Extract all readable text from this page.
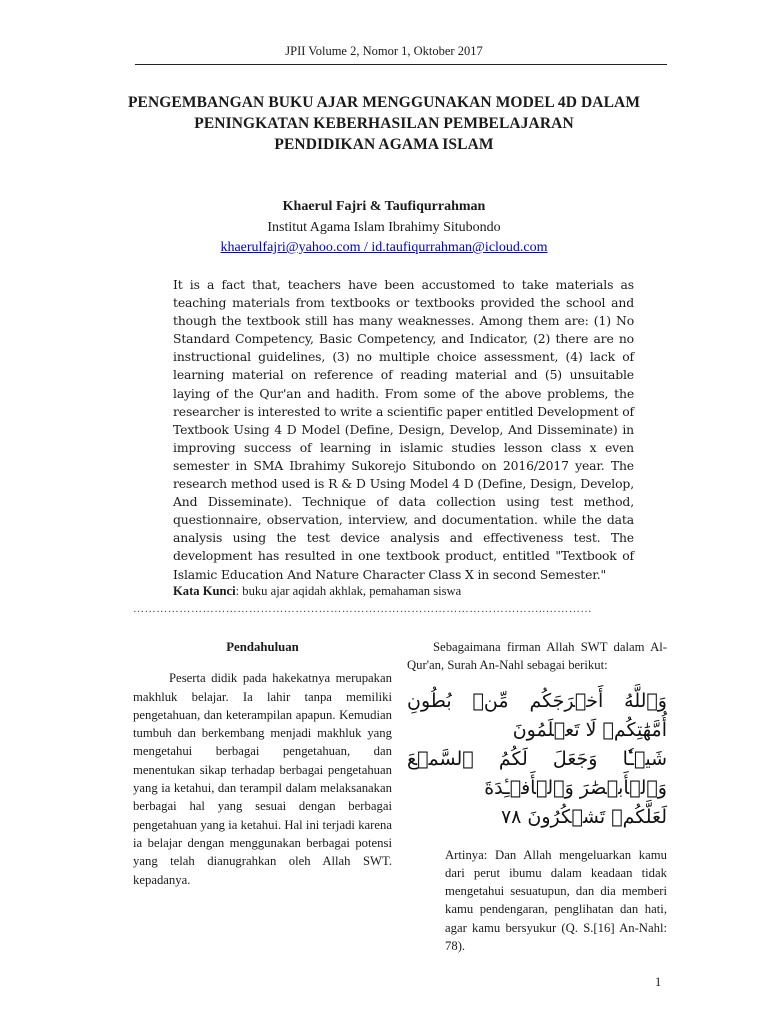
JPII Volume 2, Nomor 1, Oktober 2017
PENGEMBANGAN BUKU AJAR MENGGUNAKAN MODEL 4D DALAM
PENINGKATAN KEBERHASILAN PEMBELAJARAN
PENDIDIKAN AGAMA ISLAM
Khaerul Fajri & Taufiqurrahman
Institut Agama Islam Ibrahimy Situbondo
khaerulfajri@yahoo.com / id.taufiqurrahman@icloud.com
It is a fact that, teachers have been accustomed to take materials as teaching materials from textbooks or textbooks provided the school and though the textbook still has many weaknesses. Among them are: (1) No Standard Competency, Basic Competency, and Indicator, (2) there are no instructional guidelines, (3) no multiple choice assessment, (4) lack of learning material on reference of reading material and (5) unsuitable laying of the Qur'an and hadith. From some of the above problems, the researcher is interested to write a scientific paper entitled Development of Textbook Using 4 D Model (Define, Design, Develop, And Disseminate) in improving success of learning in islamic studies lesson class x even semester in SMA Ibrahimy Sukorejo Situbondo on 2016/2017 year. The research method used is R & D Using Model 4 D (Define, Design, Develop, And Disseminate). Technique of data collection using test method, questionnaire, observation, interview, and documentation. while the data analysis using the test device analysis and effectiveness test. The development has resulted in one textbook product, entitled "Textbook of Islamic Education And Nature Character Class X in second Semester."
Kata Kunci: buku ajar aqidah akhlak, pemahaman siswa
……………………………………………………………………………………………..…………
Pendahuluan

Peserta didik pada hakekatnya merupakan makhluk belajar. Ia lahir tanpa memiliki pengetahuan, dan keterampilan apapun. Kemudian tumbuh dan berkembang menjadi makhluk yang mengetahui berbagai pengetahuan, dan menentukan sikap terhadap berbagai pengetahuan yang ia ketahui, dan terampil dalam melaksanakan berbagai hal yang sesuai dengan berbagai pengetahuan yang ia ketahui. Hal ini terjadi karena ia belajar dengan menggunakan berbagai potensi yang telah dianugrahkan oleh Allah SWT. kepadanya.

Sebagaimana firman Allah SWT dalam Al-Qur'an, Surah An-Nahl sebagai berikut:

وَٱللَّهُ أَخۡرَجَكُم مِّنۢ بُطُونِ أُمَّهَٰتِكُمۡ لَا تَعۡلَمُونَ
شَيۡـٔٗا وَجَعَلَ لَكُمُ ٱلسَّمۡعَ وَٱلۡأَبۡصَٰرَ وَٱلۡأَفۡـِٔدَةَ
لَعَلَّكُمۡ تَشۡكُرُونَ ٧٨
Artinya: Dan Allah mengeluarkan kamu dari perut ibumu dalam keadaan tidak mengetahui sesuatupun, dan dia memberi kamu pendengaran, penglihatan dan hati, agar kamu bersyukur (Q. S.[16] An-Nahl: 78).
1
